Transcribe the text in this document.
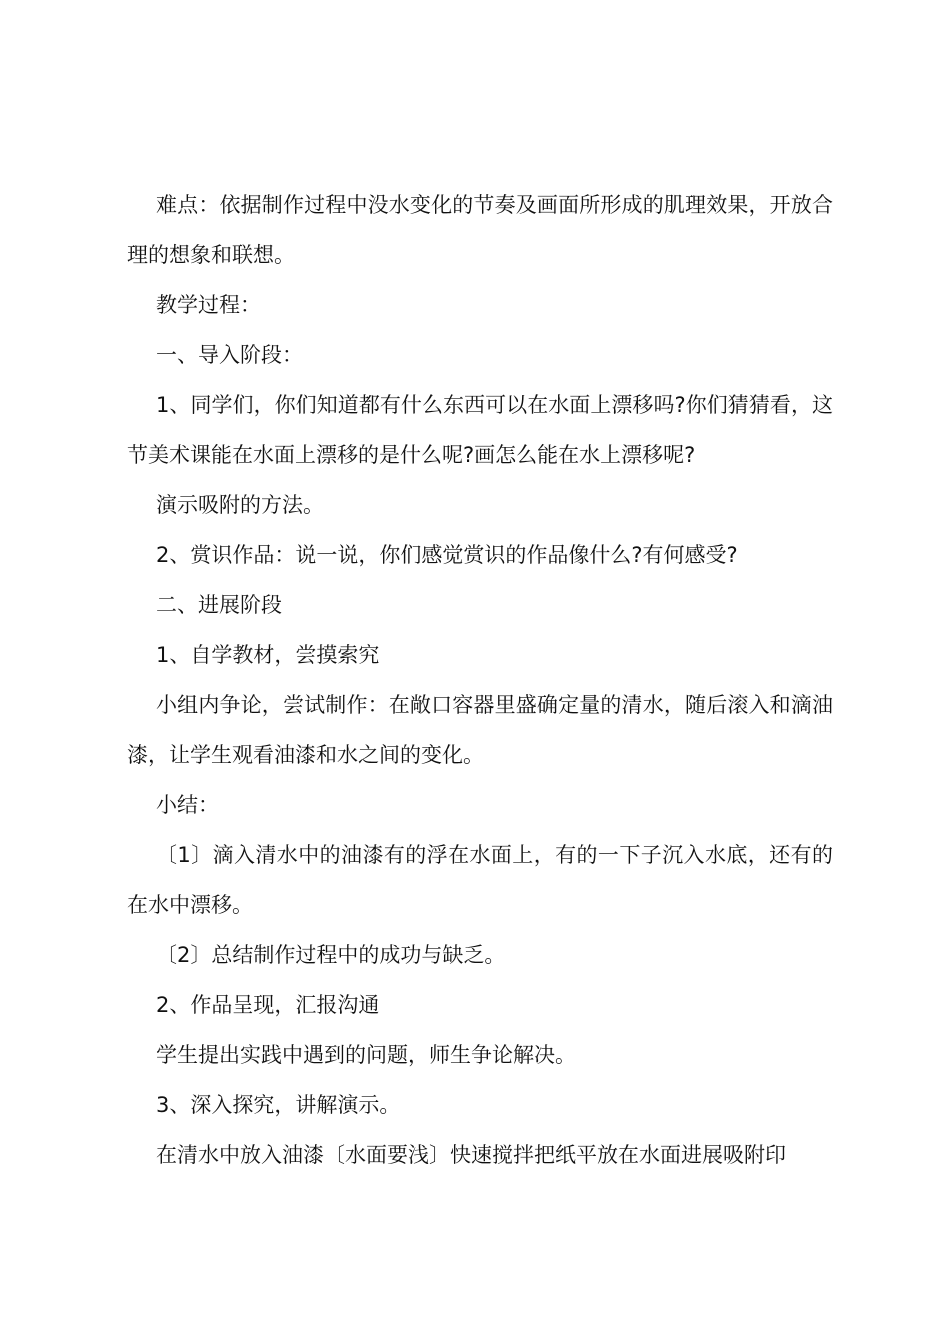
难点：依据制作过程中没水变化的节奏及画面所形成的肌理效果，开放合理的想象和联想。

教学过程：

一、导入阶段：

1、同学们，你们知道都有什么东西可以在水面上漂移吗?你们猜猜看，这节美术课能在水面上漂移的是什么呢?画怎么能在水上漂移呢?

演示吸附的方法。

2、赏识作品：说一说，你们感觉赏识的作品像什么?有何感受?

二、进展阶段

1、自学教材，尝摸索究

小组内争论，尝试制作：在敞口容器里盛确定量的清水，随后滚入和滴油漆，让学生观看油漆和水之间的变化。

小结：

〔1〕滴入清水中的油漆有的浮在水面上，有的一下子沉入水底，还有的在水中漂移。

〔2〕总结制作过程中的成功与缺乏。

2、作品呈现，汇报沟通

学生提出实践中遇到的问题，师生争论解决。

3、深入探究，讲解演示。

在清水中放入油漆〔水面要浅〕快速搅拌把纸平放在水面进展吸附印
